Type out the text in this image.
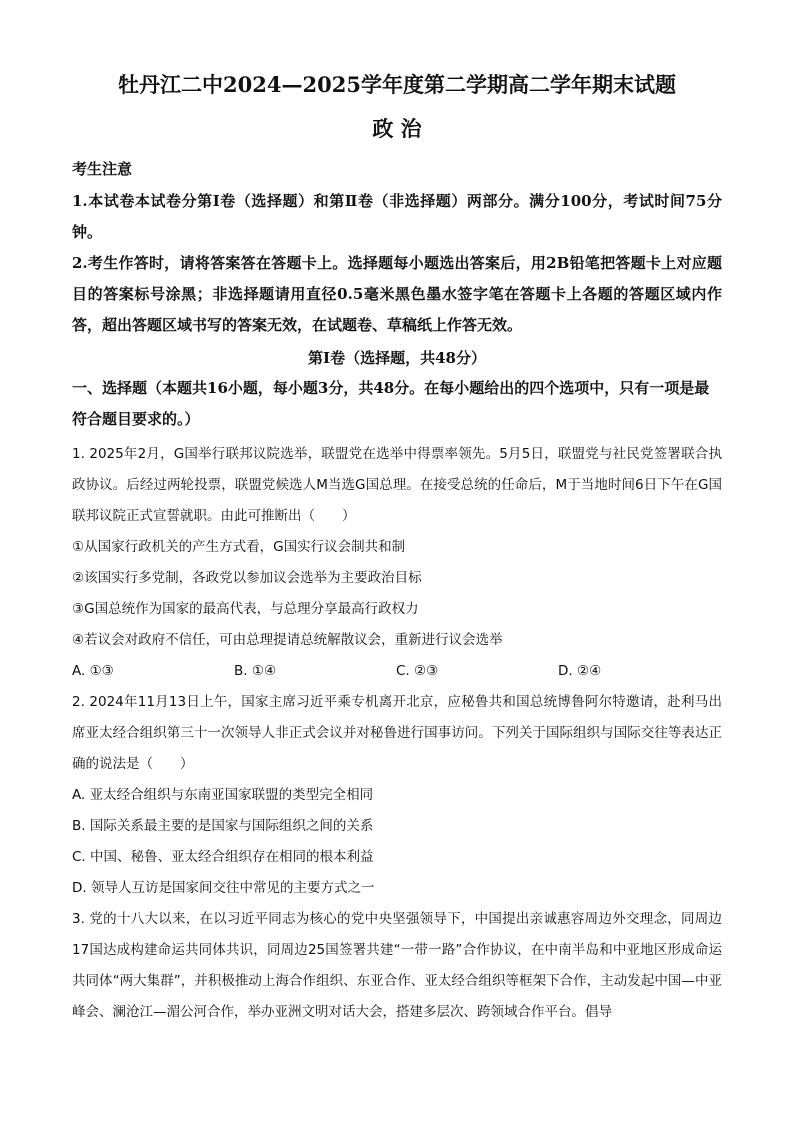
牡丹江二中2024—2025学年度第二学期高二学年期末试题
政 治
考生注意

1.本试卷本试卷分第Ⅰ卷（选择题）和第Ⅱ卷（非选择题）两部分。满分100分，考试时间75分钟。

2.考生作答时，请将答案答在答题卡上。选择题每小题选出答案后，用2B铅笔把答题卡上对应题目的答案标号涂黑；非选择题请用直径0.5毫米黑色墨水签字笔在答题卡上各题的答题区域内作答，超出答题区域书写的答案无效，在试题卷、草稿纸上作答无效。

第Ⅰ卷（选择题，共48分）

一、选择题（本题共16小题，每小题3分，共48分。在每小题给出的四个选项中，只有一项是最符合题目要求的。）

1. 2025年2月，G国举行联邦议院选举，联盟党在选举中得票率领先。5月5日，联盟党与社民党签署联合执政协议。后经过两轮投票，联盟党候选人M当选G国总理。在接受总统的任命后，M于当地时间6日下午在G国联邦议院正式宣誓就职。由此可推断出（　　）

①从国家行政机关的产生方式看，G国实行议会制共和制

②该国实行多党制，各政党以参加议会选举为主要政治目标

③G国总统作为国家的最高代表，与总理分享最高行政权力

④若议会对政府不信任，可由总理提请总统解散议会，重新进行议会选举

A. ①③	B. ①④	C. ②③	D. ②④

2. 2024年11月13日上午，国家主席习近平乘专机离开北京，应秘鲁共和国总统博鲁阿尔特邀请，赴利马出席亚太经合组织第三十一次领导人非正式会议并对秘鲁进行国事访问。下列关于国际组织与国际交往等表达正确的说法是（　　）

A. 亚太经合组织与东南亚国家联盟的类型完全相同

B. 国际关系最主要的是国家与国际组织之间的关系

C. 中国、秘鲁、亚太经合组织存在相同的根本利益

D. 领导人互访是国家间交往中常见的主要方式之一

3. 党的十八大以来，在以习近平同志为核心的党中央坚强领导下，中国提出亲诚惠容周边外交理念，同周边17国达成构建命运共同体共识，同周边25国签署共建“一带一路”合作协议，在中南半岛和中亚地区形成命运共同体“两大集群”，并积极推动上海合作组织、东亚合作、亚太经合组织等框架下合作，主动发起中国—中亚峰会、澜沧江—湄公河合作，举办亚洲文明对话大会，搭建多层次、跨领域合作平台。倡导
